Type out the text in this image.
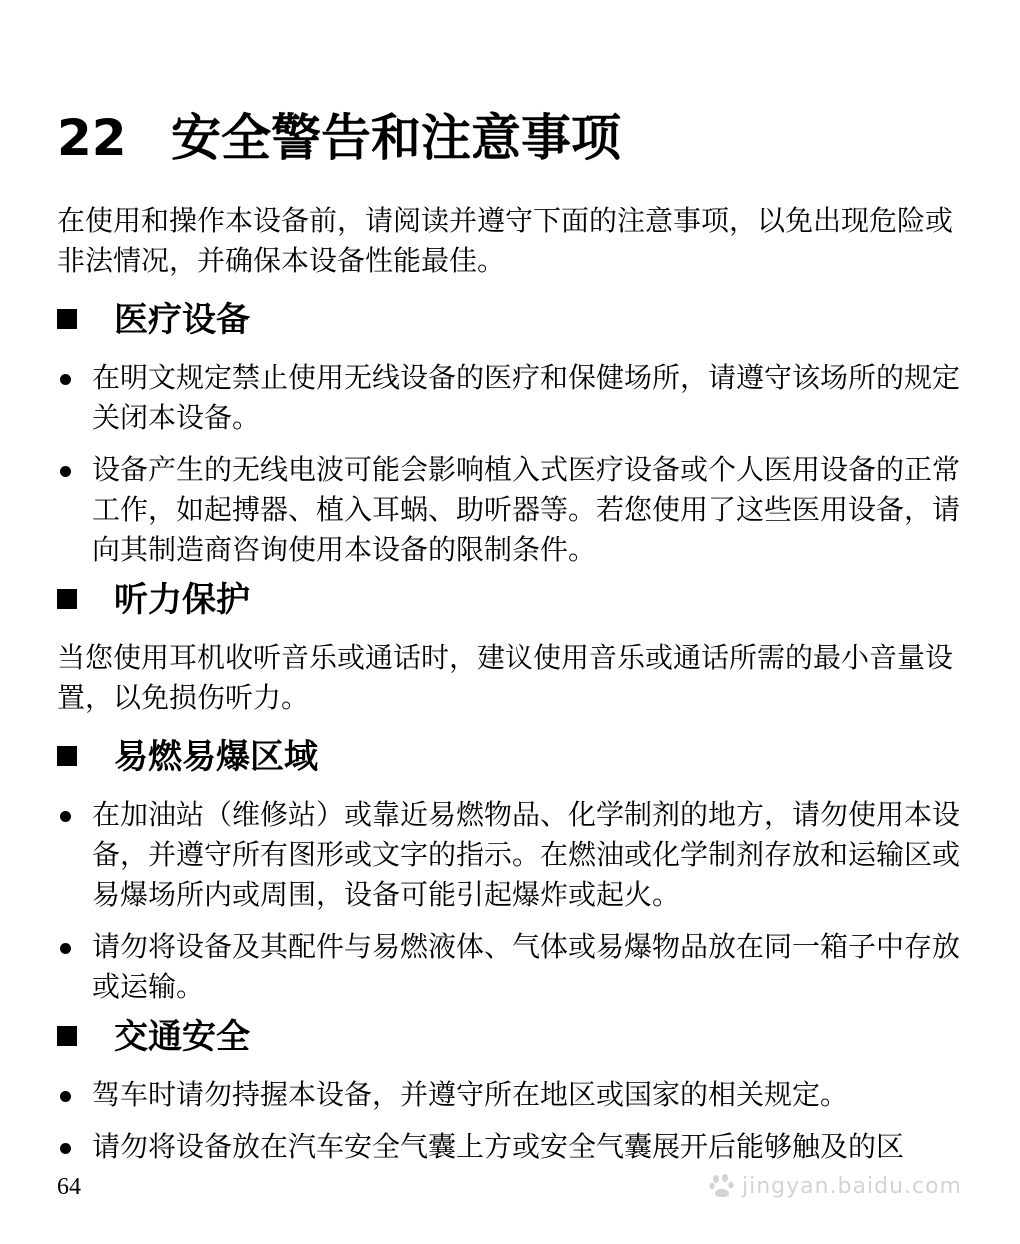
22 安全警告和注意事项

在使用和操作本设备前，请阅读并遵守下面的注意事项，以免出现危险或非法情况，并确保本设备性能最佳。

医疗设备
在明文规定禁止使用无线设备的医疗和保健场所，请遵守该场所的规定关闭本设备。
设备产生的无线电波可能会影响植入式医疗设备或个人医用设备的正常工作，如起搏器、植入耳蜗、助听器等。若您使用了这些医用设备，请向其制造商咨询使用本设备的限制条件。
听力保护

当您使用耳机收听音乐或通话时，建议使用音乐或通话所需的最小音量设置，以免损伤听力。

易燃易爆区域
在加油站（维修站）或靠近易燃物品、化学制剂的地方，请勿使用本设备，并遵守所有图形或文字的指示。在燃油或化学制剂存放和运输区或易爆场所内或周围，设备可能引起爆炸或起火。
请勿将设备及其配件与易燃液体、气体或易爆物品放在同一箱子中存放或运输。
交通安全
驾车时请勿持握本设备，并遵守所在地区或国家的相关规定。
请勿将设备放在汽车安全气囊上方或安全气囊展开后能够触及的区
64	jingyan.baidu.com
